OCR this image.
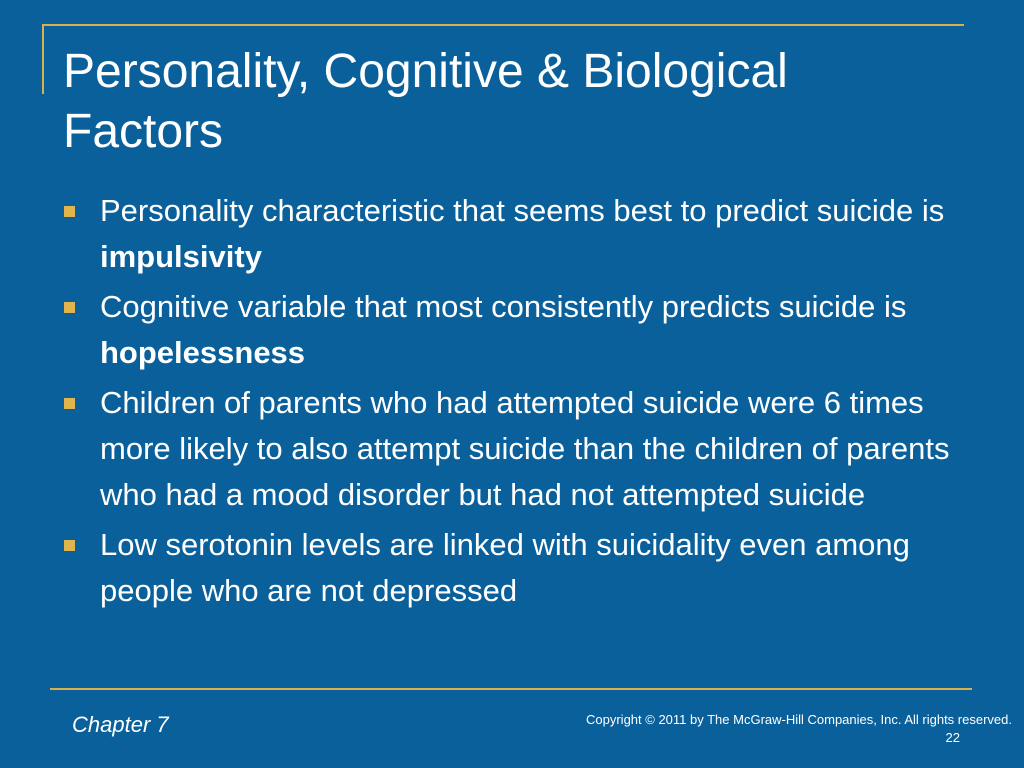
Personality, Cognitive & Biological
Factors
Personality characteristic that seems best to predict suicide is impulsivity
Cognitive variable that most consistently predicts suicide is hopelessness
Children of parents who had attempted suicide were 6 times more likely to also attempt suicide than the children of parents who had a mood disorder but had not attempted suicide
Low serotonin levels are linked with suicidality even among people who are not depressed
Chapter 7	Copyright © 2011 by The McGraw-Hill Companies, Inc. All rights reserved.
22
